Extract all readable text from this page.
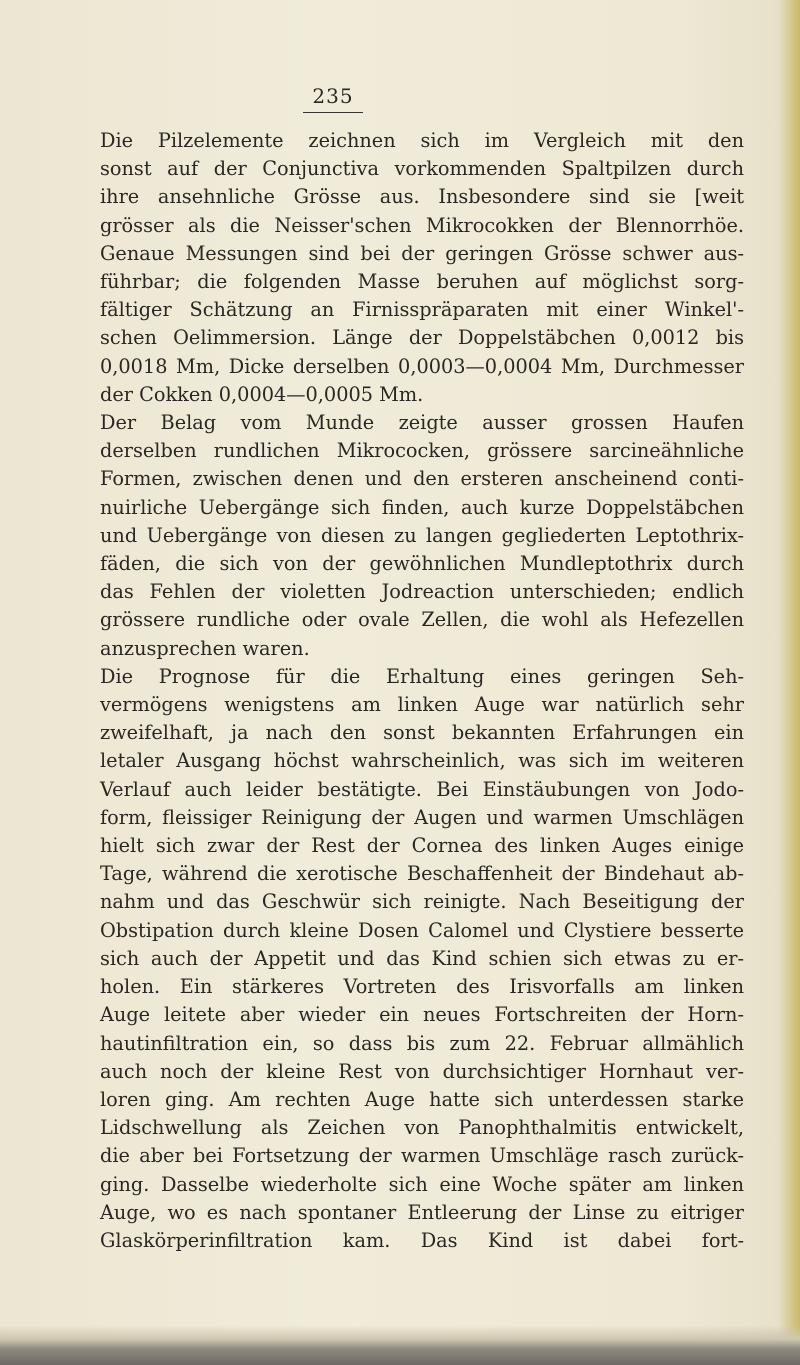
235

Die Pilzelemente zeichnen sich im Vergleich mit den
sonst auf der Conjunctiva vorkommenden Spaltpilzen durch
ihre ansehnliche Grösse aus. Insbesondere sind sie [weit
grösser als die Neisser'schen Mikrocokken der Blennorrhöe.
Genaue Messungen sind bei der geringen Grösse schwer aus-
führbar; die folgenden Masse beruhen auf möglichst sorg-
fältiger Schätzung an Firnisspräparaten mit einer Winkel'-
schen Oelimmersion. Länge der Doppelstäbchen 0,0012 bis
0,0018 Mm, Dicke derselben 0,0003—0,0004 Mm, Durchmesser
der Cokken 0,0004—0,0005 Mm.

Der Belag vom Munde zeigte ausser grossen Haufen
derselben rundlichen Mikrococken, grössere sarcineähnliche
Formen, zwischen denen und den ersteren anscheinend conti-
nuirliche Uebergänge sich finden, auch kurze Doppelstäbchen
und Uebergänge von diesen zu langen gegliederten Leptothrix-
fäden, die sich von der gewöhnlichen Mundleptothrix durch
das Fehlen der violetten Jodreaction unterschieden; endlich
grössere rundliche oder ovale Zellen, die wohl als Hefezellen
anzusprechen waren.

Die Prognose für die Erhaltung eines geringen Seh-
vermögens wenigstens am linken Auge war natürlich sehr
zweifelhaft, ja nach den sonst bekannten Erfahrungen ein
letaler Ausgang höchst wahrscheinlich, was sich im weiteren
Verlauf auch leider bestätigte. Bei Einstäubungen von Jodo-
form, fleissiger Reinigung der Augen und warmen Umschlägen
hielt sich zwar der Rest der Cornea des linken Auges einige
Tage, während die xerotische Beschaffenheit der Bindehaut ab-
nahm und das Geschwür sich reinigte. Nach Beseitigung der
Obstipation durch kleine Dosen Calomel und Clystiere besserte
sich auch der Appetit und das Kind schien sich etwas zu er-
holen. Ein stärkeres Vortreten des Irisvorfalls am linken
Auge leitete aber wieder ein neues Fortschreiten der Horn-
hautinfiltration ein, so dass bis zum 22. Februar allmählich
auch noch der kleine Rest von durchsichtiger Hornhaut ver-
loren ging. Am rechten Auge hatte sich unterdessen starke
Lidschwellung als Zeichen von Panophthalmitis entwickelt,
die aber bei Fortsetzung der warmen Umschläge rasch zurück-
ging. Dasselbe wiederholte sich eine Woche später am linken
Auge, wo es nach spontaner Entleerung der Linse zu eitriger
Glaskörperinfiltration kam. Das Kind ist dabei fort-
